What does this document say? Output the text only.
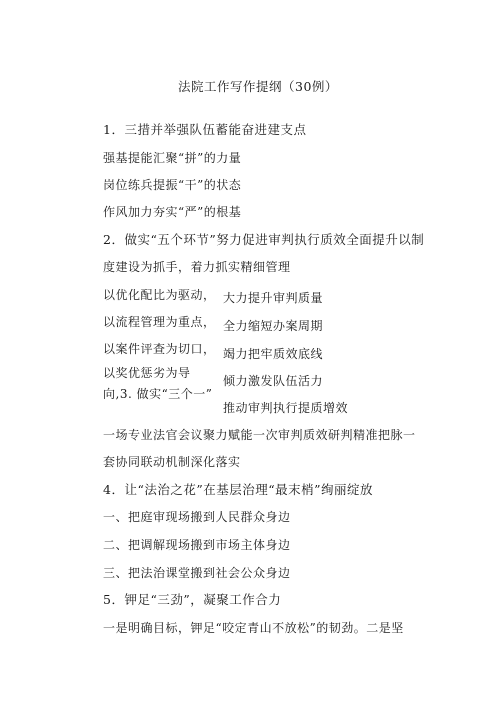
法院工作写作提纲（30例）
1．三措并举强队伍蓄能奋进建支点
强基提能汇聚“拼”的力量
岗位练兵提振“干”的状态
作风加力夯实“严”的根基
2．做实“五个环节”努力促进审判执行质效全面提升以制
度建设为抓手，着力抓实精细管理
以优化配比为驱动，
以流程管理为重点，
以案件评查为切口，
以奖优惩劣为导
向,3. 做实“三个一”
大力提升审判质量
全力缩短办案周期
竭力把牢质效底线
倾力激发队伍活力
推动审判执行提质增效
一场专业法官会议聚力赋能一次审判质效研判精准把脉一
套协同联动机制深化落实
4．让“法治之花”在基层治理“最末梢”绚丽绽放
一、把庭审现场搬到人民群众身边
二、把调解现场搬到市场主体身边
三、把法治课堂搬到社会公众身边
5．钾足“三劲”，凝聚工作合力
一是明确目标，钾足“咬定青山不放松”的韧劲。二是坚
